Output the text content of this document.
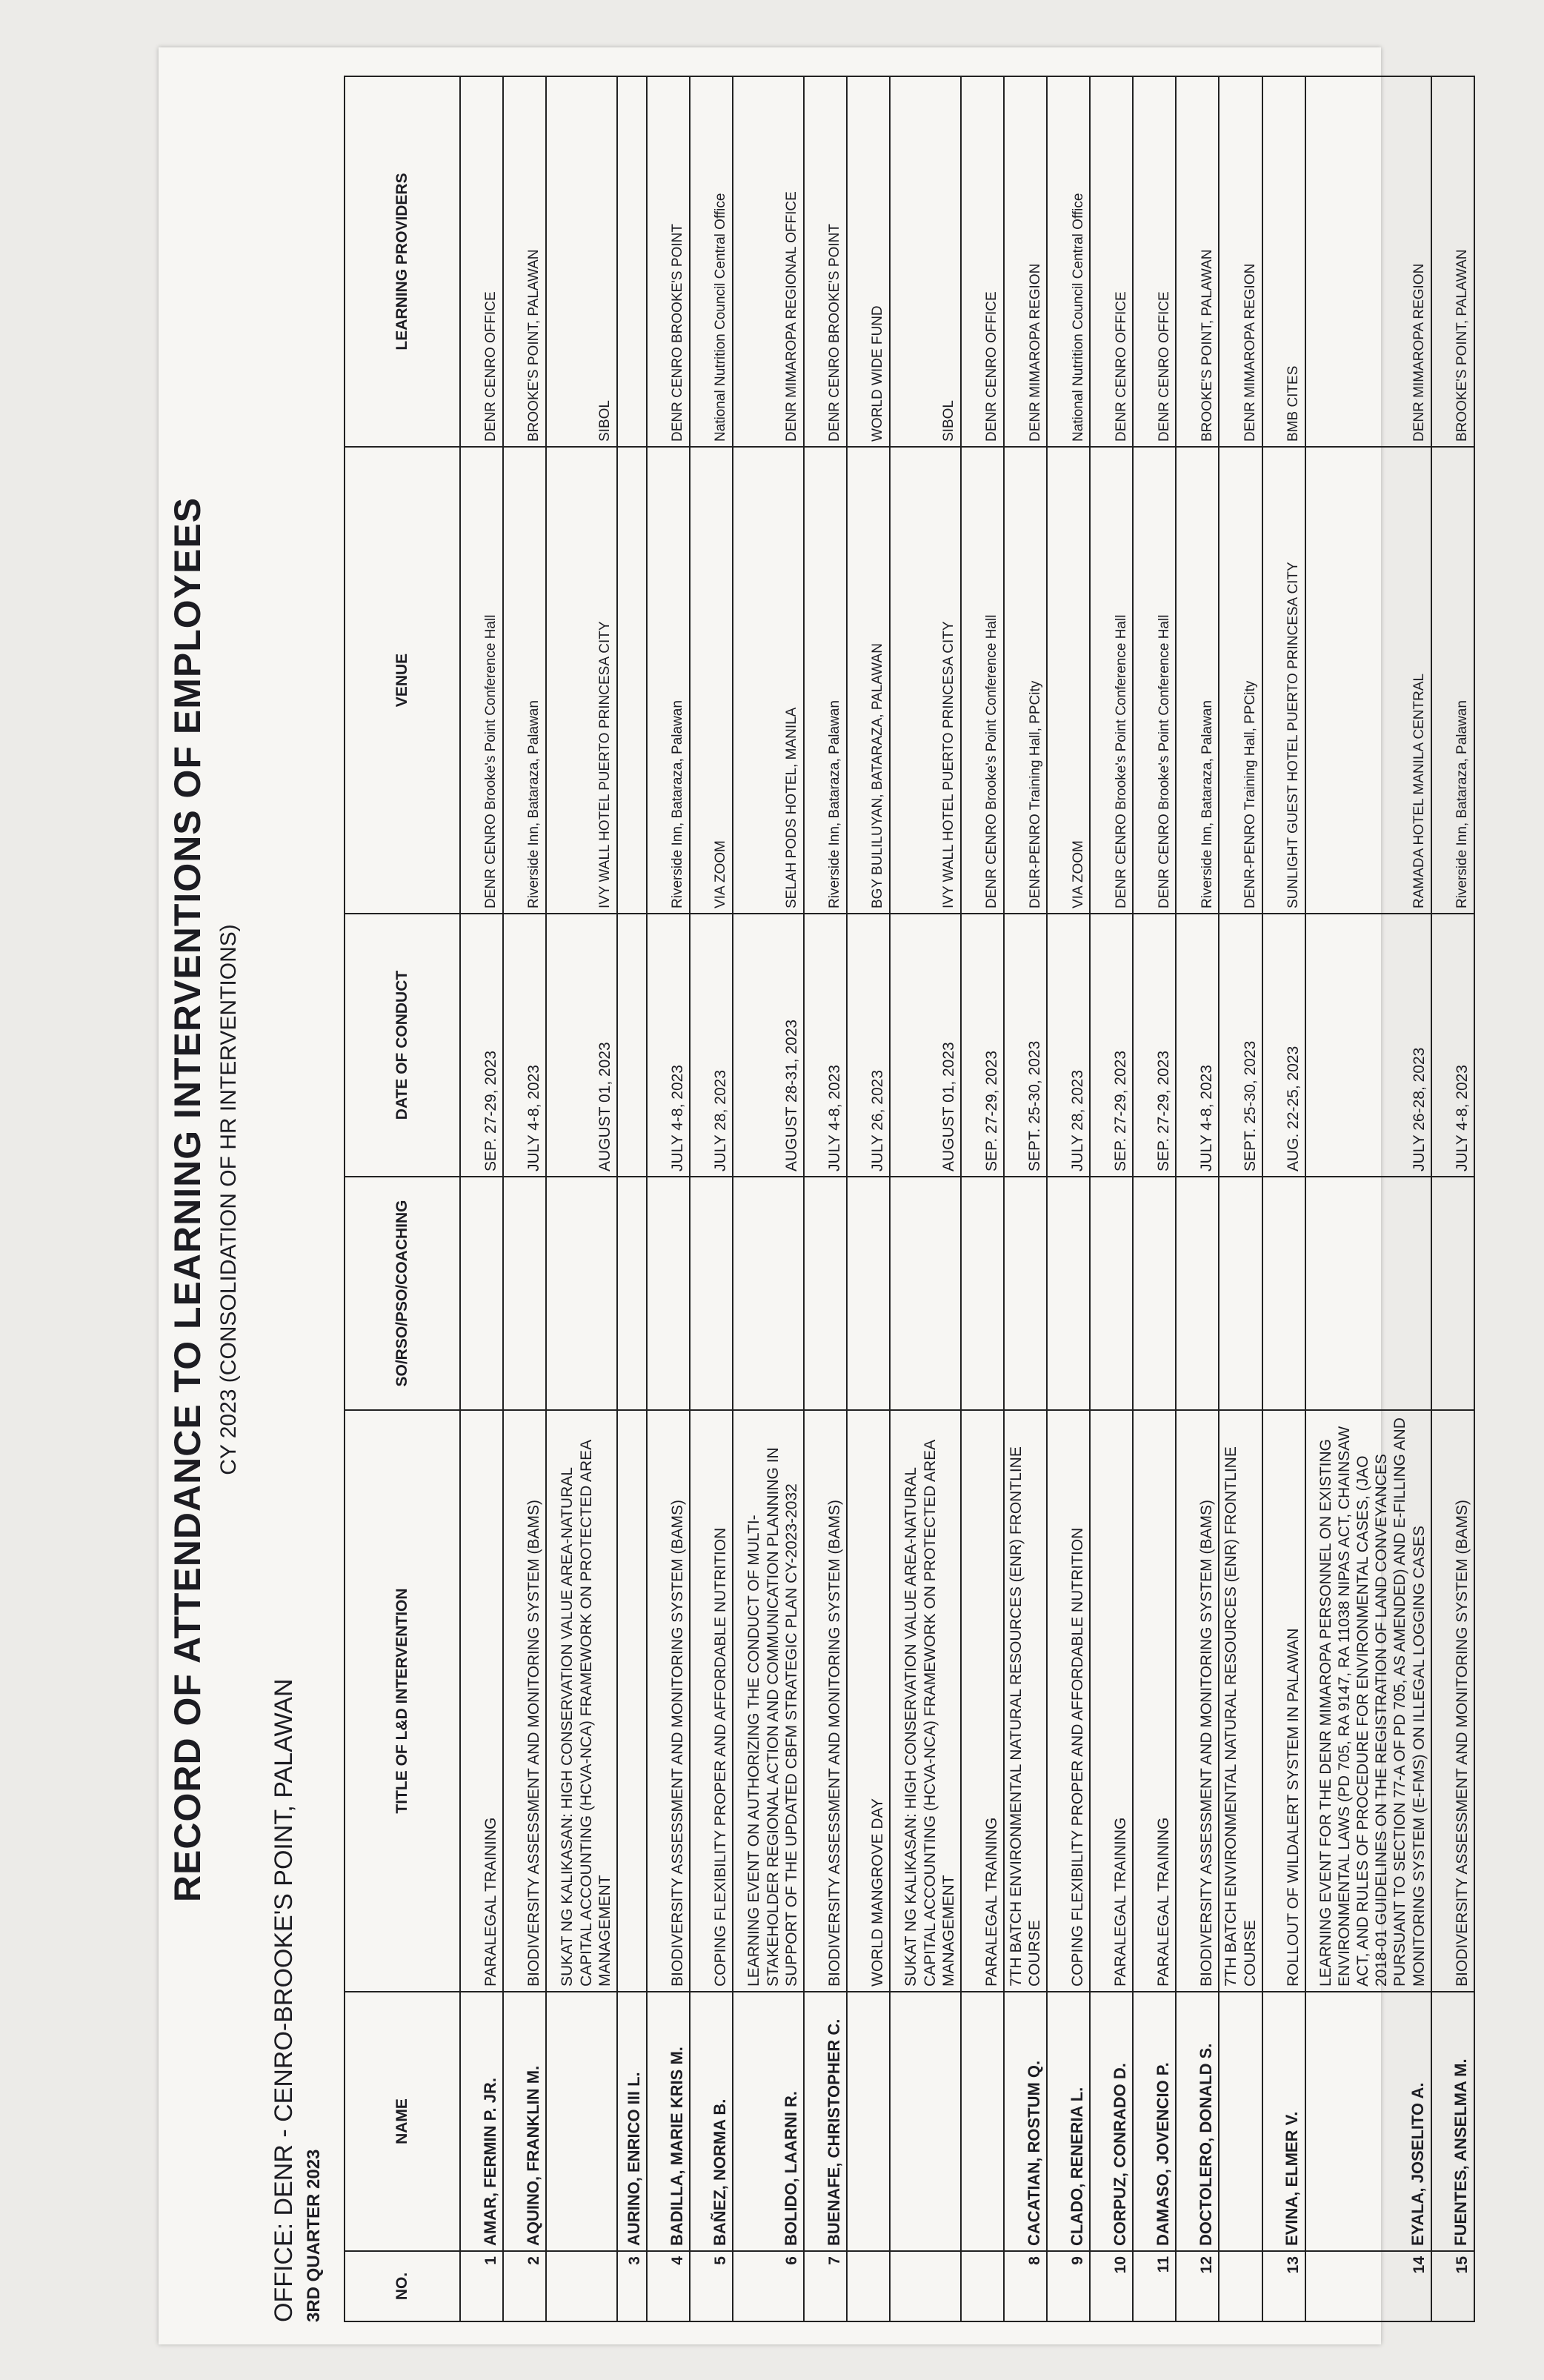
RECORD OF ATTENDANCE TO LEARNING INTERVENTIONS OF EMPLOYEES CY 2023 (CONSOLIDATION OF HR INTERVENTIONS)
OFFICE: DENR - CENRO-BROOKE'S POINT, PALAWAN 3RD QUARTER 2023	NO.	NAME	TITLE OF L&D INTERVENTION	SO/RSO/PSO/COACHING	DATE OF CONDUCT	VENUE	LEARNING PROVIDERS
1	AMAR, FERMIN P. JR.	PARALEGAL TRAINING		SEP. 27-29, 2023	DENR CENRO Brooke's Point Conference Hall	DENR CENRO OFFICE
2	AQUINO, FRANKLIN M.	BIODIVERSITY ASSESSMENT AND MONITORING SYSTEM (BAMS)		JULY 4-8, 2023	Riverside Inn, Bataraza, Palawan	BROOKE'S POINT, PALAWAN
		SUKAT NG KALIKASAN: HIGH CONSERVATION VALUE AREA-NATURAL CAPITAL ACCOUNTING (HCVA-NCA) FRAMEWORK ON PROTECTED AREA MANAGEMENT		AUGUST 01, 2023	IVY WALL HOTEL PUERTO PRINCESA CITY	SIBOL
3	AURINO, ENRICO III L.					
4	BADILLA, MARIE KRIS M.	BIODIVERSITY ASSESSMENT AND MONITORING SYSTEM (BAMS)		JULY 4-8, 2023	Riverside Inn, Bataraza, Palawan	DENR CENRO BROOKE'S POINT
5	BAÑEZ, NORMA B.	COPING FLEXIBILITY PROPER AND AFFORDABLE NUTRITION		JULY 28, 2023	VIA ZOOM	National Nutrition Council Central Office
6	BOLIDO, LAARNI R.	LEARNING EVENT ON AUTHORIZING THE CONDUCT OF MULTI-STAKEHOLDER REGIONAL ACTION AND COMMUNICATION PLANNING IN SUPPORT OF THE UPDATED CBFM STRATEGIC PLAN CY-2023-2032		AUGUST 28-31, 2023	SELAH PODS HOTEL, MANILA	DENR MIMAROPA REGIONAL OFFICE
7	BUENAFE, CHRISTOPHER C.	BIODIVERSITY ASSESSMENT AND MONITORING SYSTEM (BAMS)		JULY 4-8, 2023	Riverside Inn, Bataraza, Palawan	DENR CENRO BROOKE'S POINT
		WORLD MANGROVE DAY		JULY 26, 2023	BGY BULILUYAN, BATARAZA, PALAWAN	WORLD WIDE FUND
		SUKAT NG KALIKASAN: HIGH CONSERVATION VALUE AREA-NATURAL CAPITAL ACCOUNTING (HCVA-NCA) FRAMEWORK ON PROTECTED AREA MANAGEMENT		AUGUST 01, 2023	IVY WALL HOTEL PUERTO PRINCESA CITY	SIBOL
		PARALEGAL TRAINING		SEP. 27-29, 2023	DENR CENRO Brooke's Point Conference Hall	DENR CENRO OFFICE
8	CACATIAN, ROSTUM Q.	7TH BATCH ENVIRONMENTAL NATURAL RESOURCES (ENR) FRONTLINE COURSE		SEPT. 25-30, 2023	DENR-PENRO Training Hall, PPCity	DENR MIMAROPA REGION
9	CLADO, RENERIA L.	COPING FLEXIBILITY PROPER AND AFFORDABLE NUTRITION		JULY 28, 2023	VIA ZOOM	National Nutrition Council Central Office
10	CORPUZ, CONRADO D.	PARALEGAL TRAINING		SEP. 27-29, 2023	DENR CENRO Brooke's Point Conference Hall	DENR CENRO OFFICE
11	DAMASO, JOVENCIO P.	PARALEGAL TRAINING		SEP. 27-29, 2023	DENR CENRO Brooke's Point Conference Hall	DENR CENRO OFFICE
12	DOCTOLERO, DONALD S.	BIODIVERSITY ASSESSMENT AND MONITORING SYSTEM (BAMS)		JULY 4-8, 2023	Riverside Inn, Bataraza, Palawan	BROOKE'S POINT, PALAWAN
		7TH BATCH ENVIRONMENTAL NATURAL RESOURCES (ENR) FRONTLINE COURSE		SEPT. 25-30, 2023	DENR-PENRO Training Hall, PPCity	DENR MIMAROPA REGION
13	EVINA, ELMER V.	ROLLOUT OF WILDALERT SYSTEM IN PALAWAN		AUG. 22-25, 2023	SUNLIGHT GUEST HOTEL PUERTO PRINCESA CITY	BMB CITES
14	EYALA, JOSELITO A.	LEARNING EVENT FOR THE DENR MIMAROPA PERSONNEL ON EXISTING ENVIRONMENTAL LAWS (PD 705, RA 9147, RA 11038 NIPAS ACT, CHAINSAW ACT, AND RULES OF PROCEDURE FOR ENVIRONMENTAL CASES, (JAO 2018-01 GUIDELINES ON THE REGISTRATION OF LAND CONVEYANCES PURSUANT TO SECTION 77-A OF PD 705, AS AMENDED) AND E-FILLING AND MONITORING SYSTEM (E-FMS) ON ILLEGAL LOGGING CASES		JULY 26-28, 2023	RAMADA HOTEL MANILA CENTRAL	DENR MIMAROPA REGION
15	FUENTES, ANSELMA M.	BIODIVERSITY ASSESSMENT AND MONITORING SYSTEM (BAMS)		JULY 4-8, 2023	Riverside Inn, Bataraza, Palawan	BROOKE'S POINT, PALAWAN
